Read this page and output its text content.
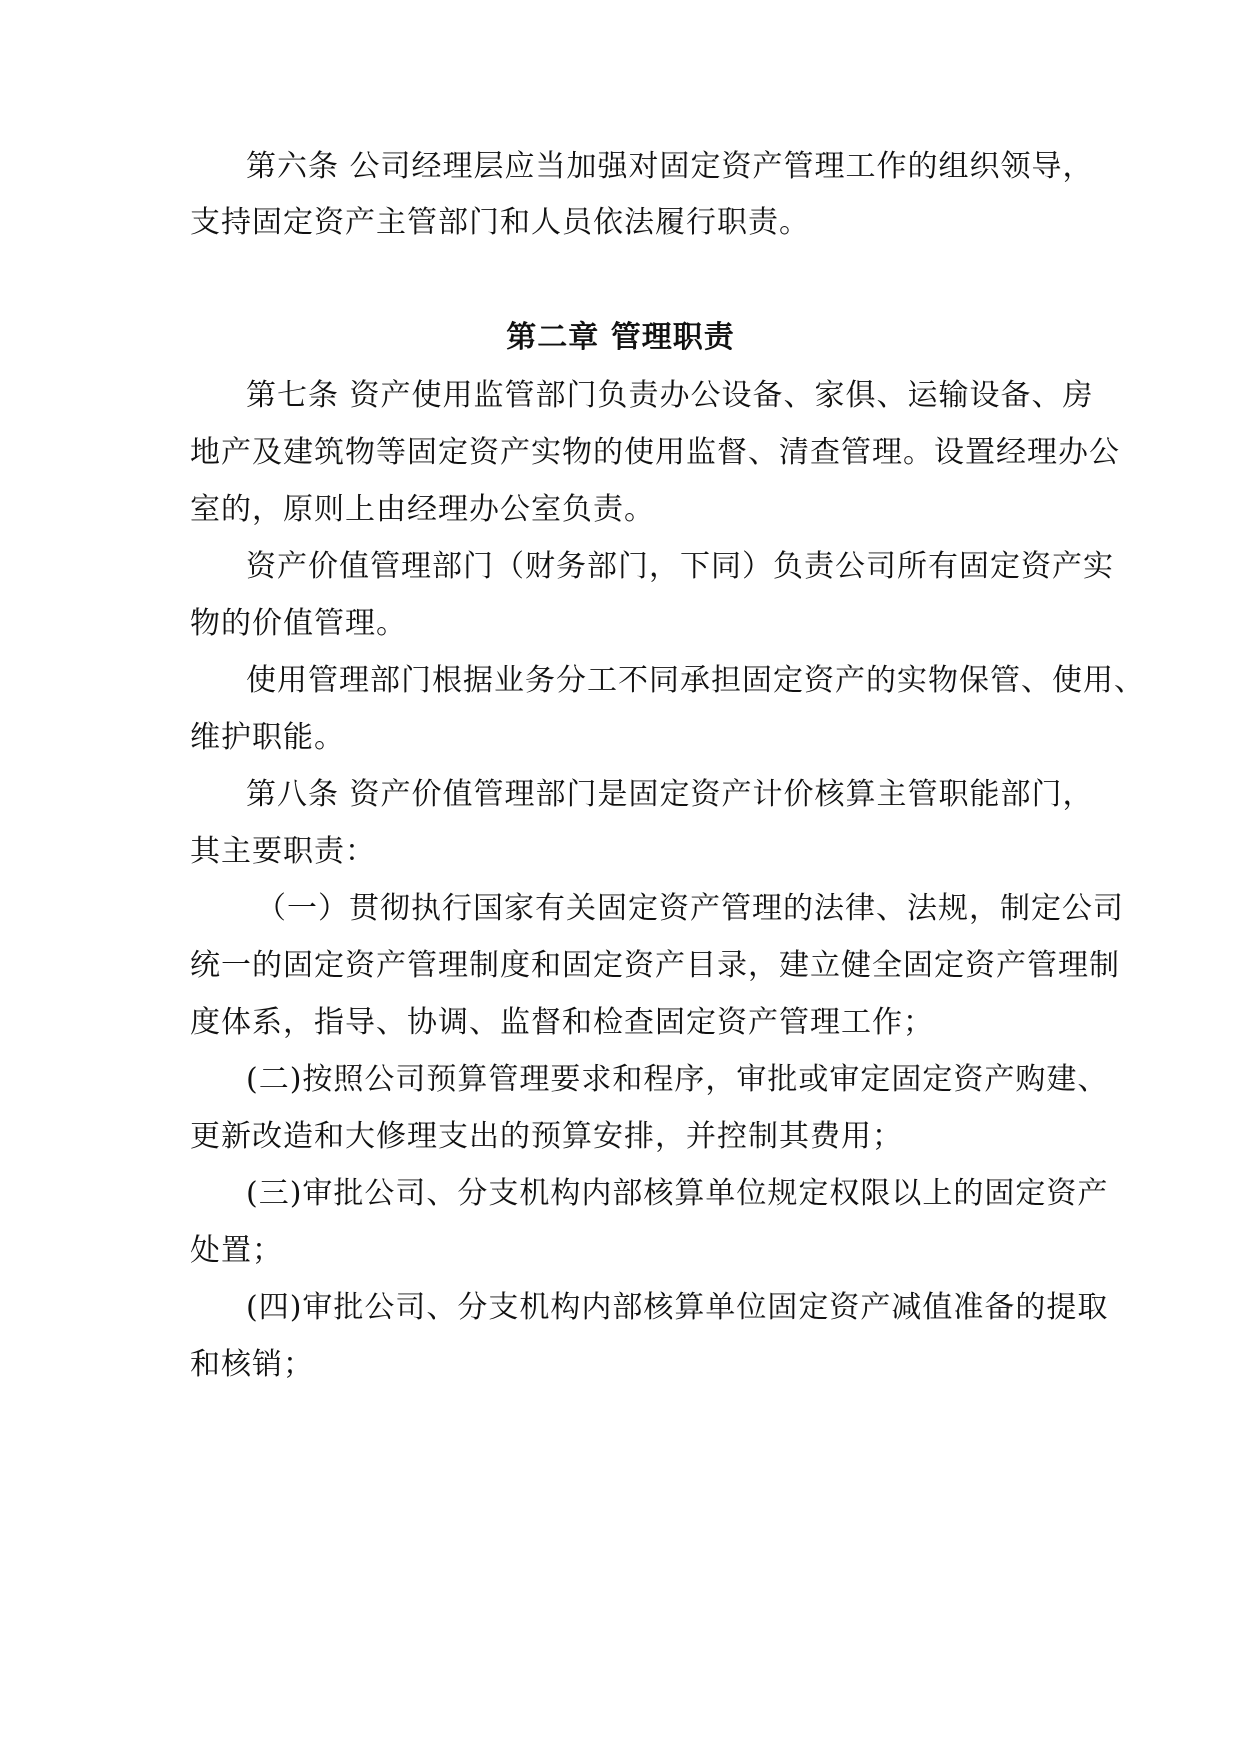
第六条 公司经理层应当加强对固定资产管理工作的组织领导，
支持固定资产主管部门和人员依法履行职责。
第二章 管理职责
第七条 资产使用监管部门负责办公设备、家俱、运输设备、房
地产及建筑物等固定资产实物的使用监督、清查管理。设置经理办公
室的，原则上由经理办公室负责。
资产价值管理部门（财务部门，下同）负责公司所有固定资产实
物的价值管理。
使用管理部门根据业务分工不同承担固定资产的实物保管、使用、
维护职能。
第八条 资产价值管理部门是固定资产计价核算主管职能部门，
其主要职责：
（一）贯彻执行国家有关固定资产管理的法律、法规，制定公司
统一的固定资产管理制度和固定资产目录，建立健全固定资产管理制
度体系，指导、协调、监督和检查固定资产管理工作；
(二)按照公司预算管理要求和程序，审批或审定固定资产购建、
更新改造和大修理支出的预算安排，并控制其费用；
(三)审批公司、分支机构内部核算单位规定权限以上的固定资产
处置；
(四)审批公司、分支机构内部核算单位固定资产减值准备的提取
和核销；
